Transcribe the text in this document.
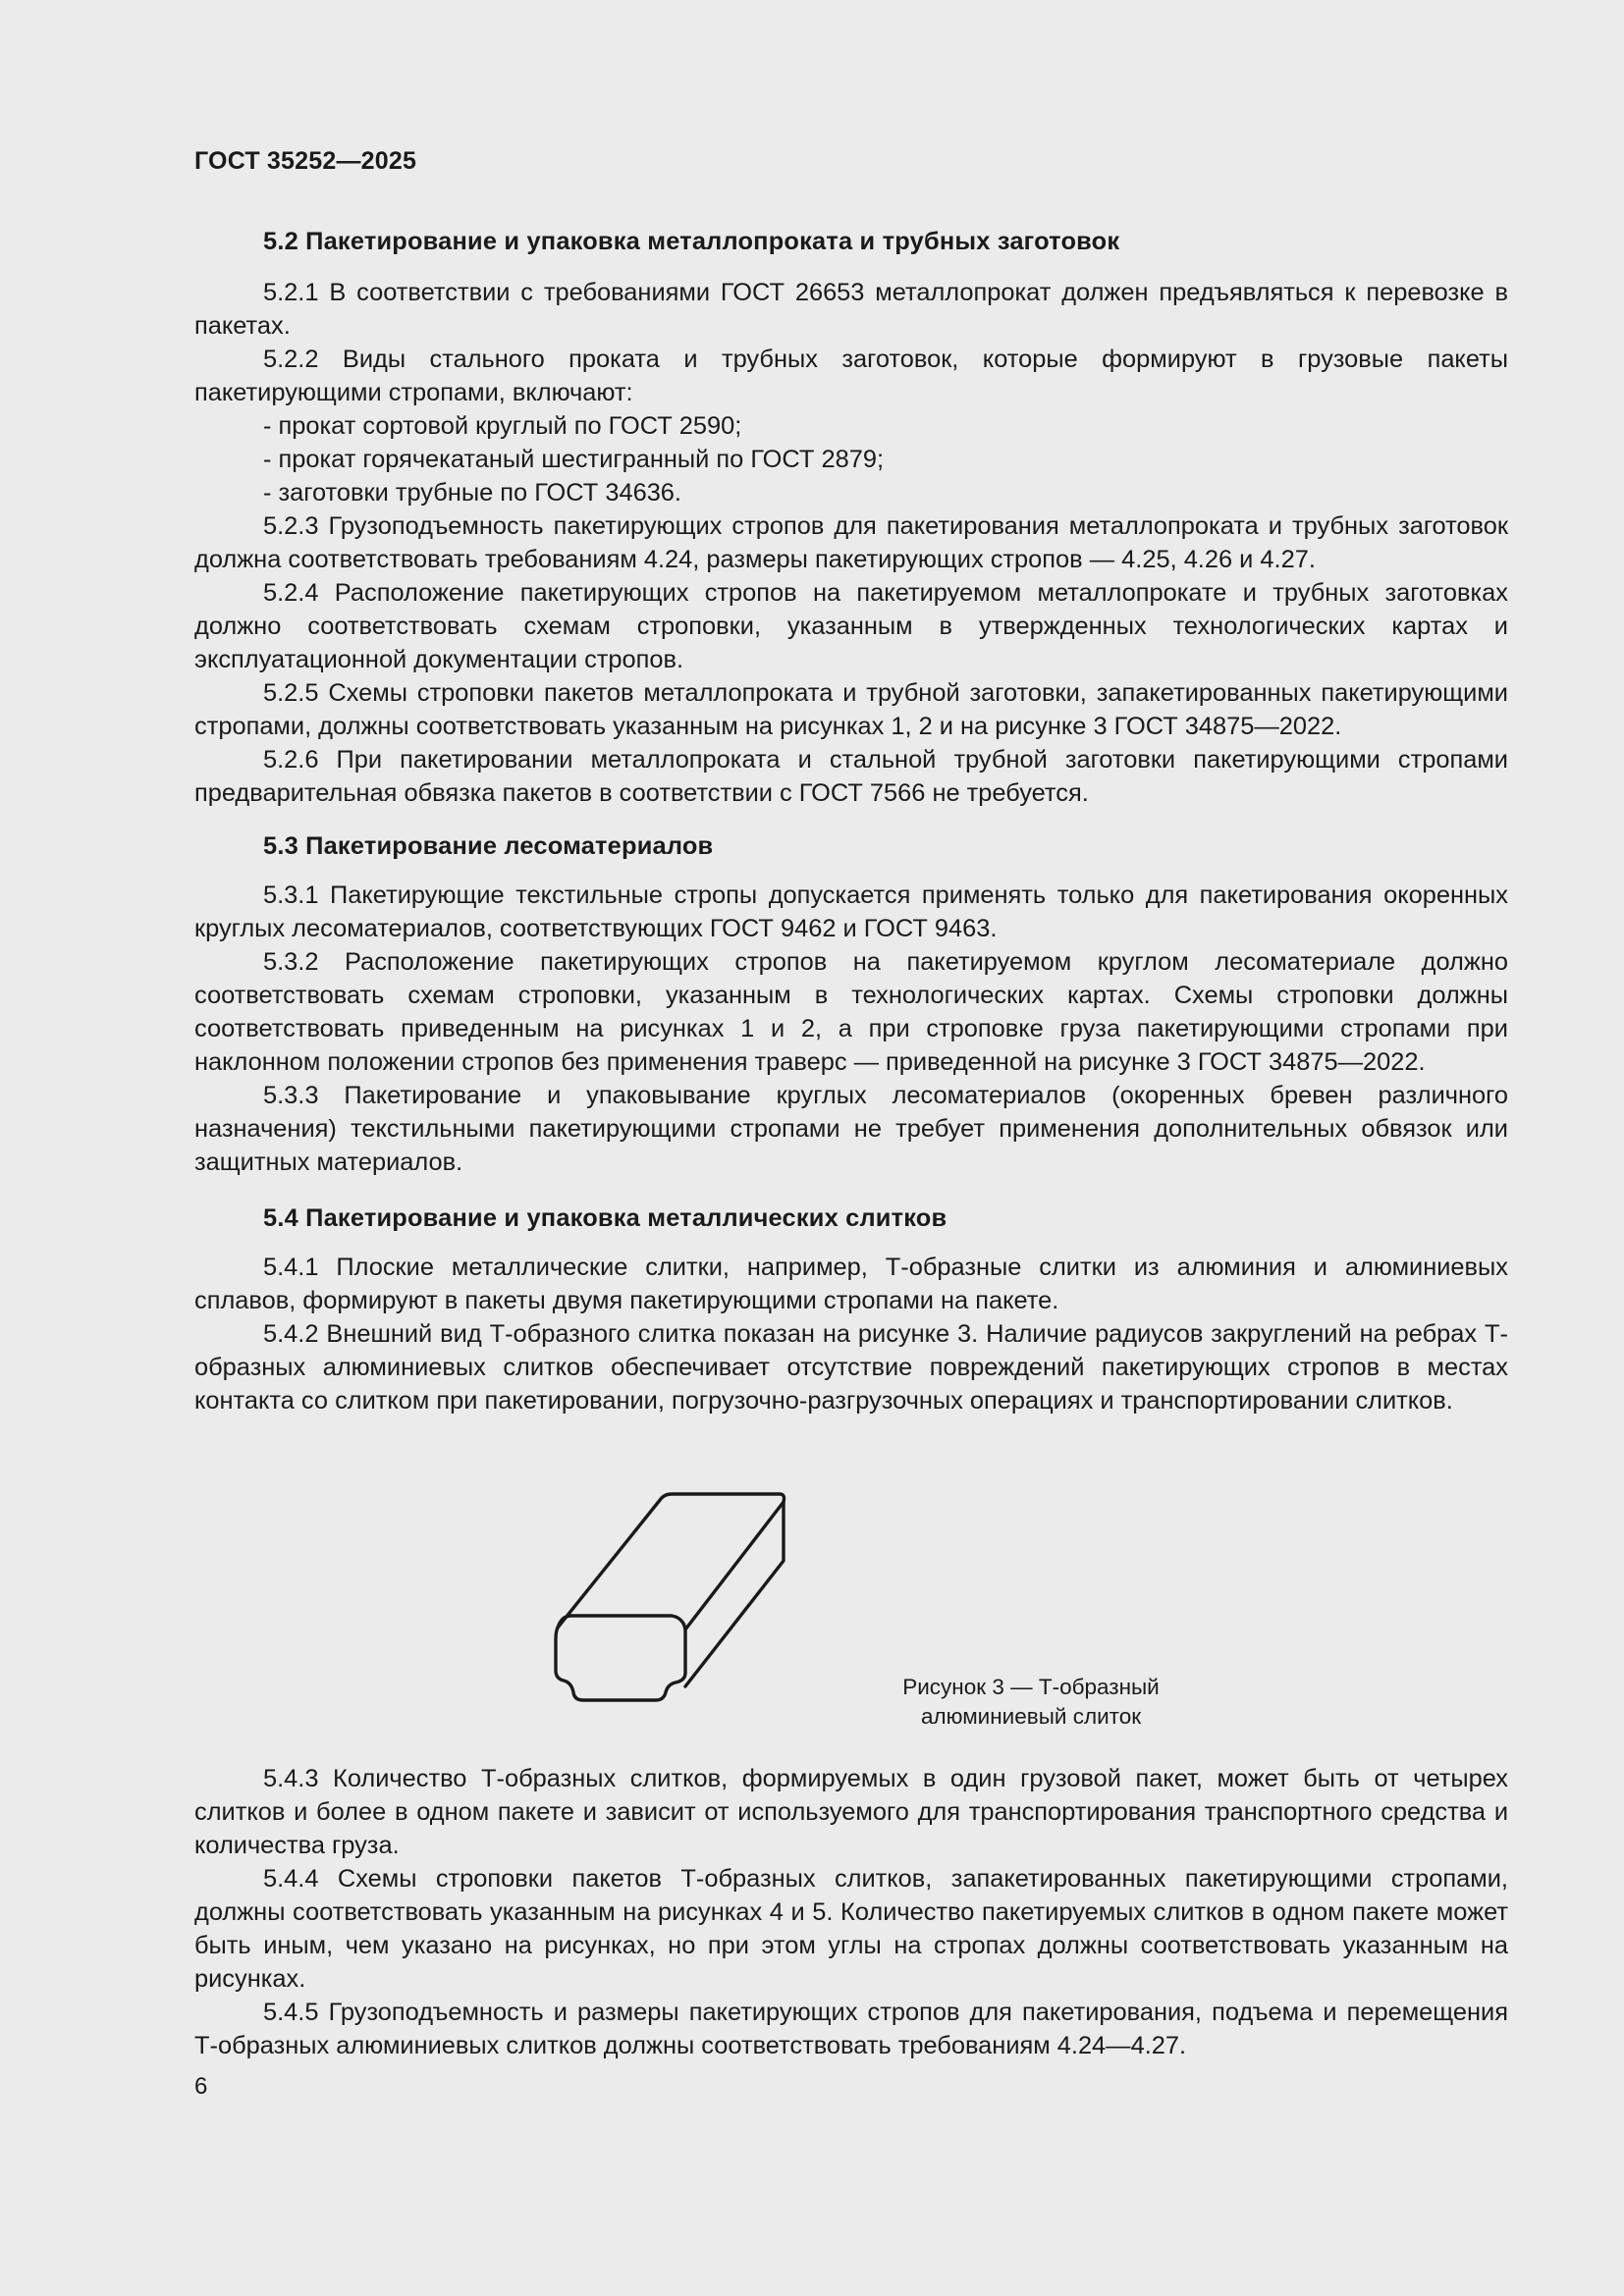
ГОСТ 35252—2025
5.2 Пакетирование и упаковка металлопроката и трубных заготовок

5.2.1 В соответствии с требованиями ГОСТ 26653 металлопрокат должен предъявляться к перевозке в пакетах.

5.2.2 Виды стального проката и трубных заготовок, которые формируют в грузовые пакеты пакетирующими стропами, включают:

- прокат сортовой круглый по ГОСТ 2590;

- прокат горячекатаный шестигранный по ГОСТ 2879;

- заготовки трубные по ГОСТ 34636.

5.2.3 Грузоподъемность пакетирующих стропов для пакетирования металлопроката и трубных заготовок должна соответствовать требованиям 4.24, размеры пакетирующих стропов — 4.25, 4.26 и 4.27.

5.2.4 Расположение пакетирующих стропов на пакетируемом металлопрокате и трубных заготовках должно соответствовать схемам строповки, указанным в утвержденных технологических картах и эксплуатационной документации стропов.

5.2.5 Схемы строповки пакетов металлопроката и трубной заготовки, запакетированных пакетирующими стропами, должны соответствовать указанным на рисунках 1, 2 и на рисунке 3 ГОСТ 34875—2022.

5.2.6 При пакетировании металлопроката и стальной трубной заготовки пакетирующими стропами предварительная обвязка пакетов в соответствии с ГОСТ 7566 не требуется.

5.3 Пакетирование лесоматериалов

5.3.1 Пакетирующие текстильные стропы допускается применять только для пакетирования окоренных круглых лесоматериалов, соответствующих ГОСТ 9462 и ГОСТ 9463.

5.3.2 Расположение пакетирующих стропов на пакетируемом круглом лесоматериале должно соответствовать схемам строповки, указанным в технологических картах. Схемы строповки должны соответствовать приведенным на рисунках 1 и 2, а при строповке груза пакетирующими стропами при наклонном положении стропов без применения траверс — приведенной на рисунке 3 ГОСТ 34875—2022.

5.3.3 Пакетирование и упаковывание круглых лесоматериалов (окоренных бревен различного назначения) текстильными пакетирующими стропами не требует применения дополнительных обвязок или защитных материалов.

5.4 Пакетирование и упаковка металлических слитков

5.4.1 Плоские металлические слитки, например, Т-образные слитки из алюминия и алюминиевых сплавов, формируют в пакеты двумя пакетирующими стропами на пакете.

5.4.2 Внешний вид Т-образного слитка показан на рисунке 3. Наличие радиусов закруглений на ребрах Т-образных алюминиевых слитков обеспечивает отсутствие повреждений пакетирующих стропов в местах контакта со слитком при пакетировании, погрузочно-разгрузочных операциях и транспортировании слитков.

Рисунок 3 — Т-образный
алюминиевый слиток

5.4.3 Количество Т-образных слитков, формируемых в один грузовой пакет, может быть от четырех слитков и более в одном пакете и зависит от используемого для транспортирования транспортного средства и количества груза.

5.4.4 Схемы строповки пакетов Т-образных слитков, запакетированных пакетирующими стропами, должны соответствовать указанным на рисунках 4 и 5. Количество пакетируемых слитков в одном пакете может быть иным, чем указано на рисунках, но при этом углы на стропах должны соответствовать указанным на рисунках.

5.4.5 Грузоподъемность и размеры пакетирующих стропов для пакетирования, подъема и перемещения Т-образных алюминиевых слитков должны соответствовать требованиям 4.24—4.27.

6
